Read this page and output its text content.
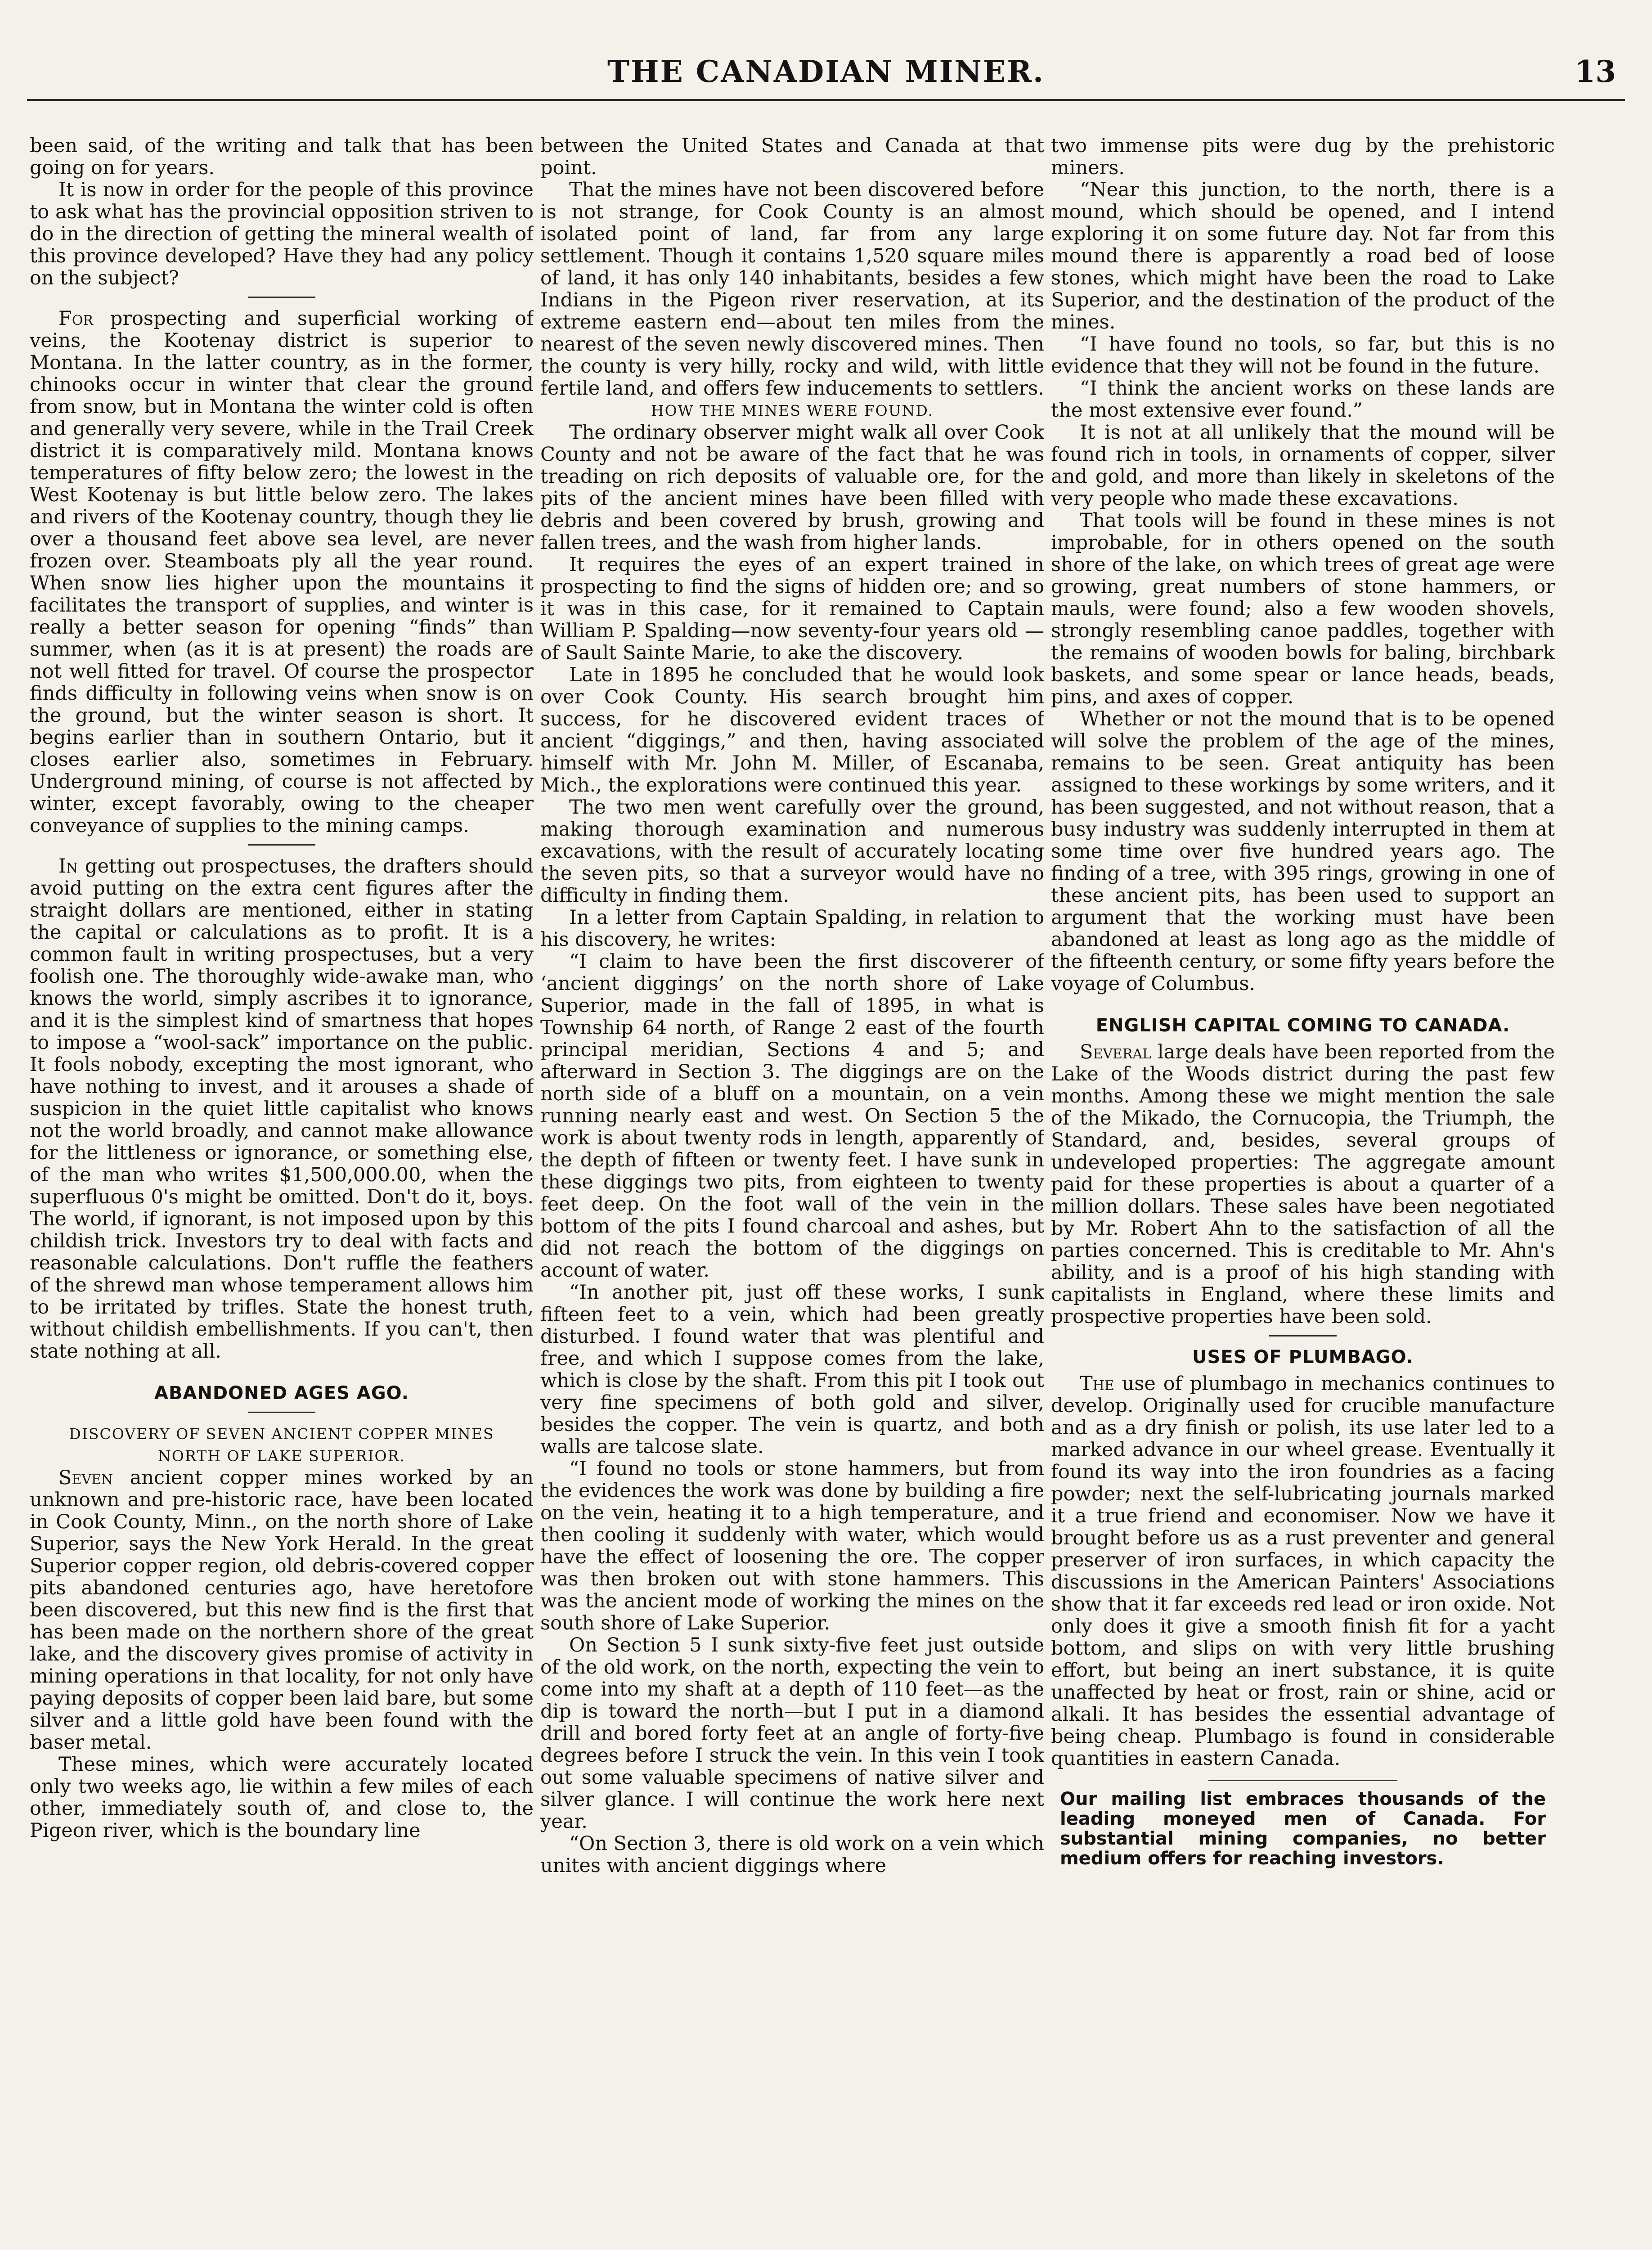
THE CANADIAN MINER.	13

been said, of the writing and talk that has been going on for years.

It is now in order for the people of this province to ask what has the provincial opposition striven to do in the direction of getting the mineral wealth of this province developed? Have they had any policy on the subject?

For prospecting and superficial working of veins, the Kootenay district is superior to Montana. In the latter country, as in the former, chinooks occur in winter that clear the ground from snow, but in Montana the winter cold is often and generally very severe, while in the Trail Creek district it is comparatively mild. Montana knows temperatures of fifty below zero; the lowest in the West Kootenay is but little below zero. The lakes and rivers of the Kootenay country, though they lie over a thousand feet above sea level, are never frozen over. Steamboats ply all the year round. When snow lies higher upon the mountains it facilitates the transport of supplies, and winter is really a better season for opening “finds” than summer, when (as it is at present) the roads are not well fitted for travel. Of course the prospector finds difficulty in following veins when snow is on the ground, but the winter season is short. It begins earlier than in southern Ontario, but it closes earlier also, sometimes in February. Underground mining, of course is not affected by winter, except favorably, owing to the cheaper conveyance of supplies to the mining camps.

In getting out prospectuses, the drafters should avoid putting on the extra cent figures after the straight dollars are mentioned, either in stating the capital or calculations as to profit. It is a common fault in writing prospectuses, but a very foolish one. The thoroughly wide-awake man, who knows the world, simply ascribes it to ignorance, and it is the simplest kind of smartness that hopes to impose a “wool-sack” importance on the public. It fools nobody, excepting the most ignorant, who have nothing to invest, and it arouses a shade of suspicion in the quiet little capitalist who knows not the world broadly, and cannot make allowance for the littleness or ignorance, or something else, of the man who writes $1,500,000.00, when the superfluous 0's might be omitted. Don't do it, boys. The world, if ignorant, is not imposed upon by this childish trick. Investors try to deal with facts and reasonable calculations. Don't ruffle the feathers of the shrewd man whose temperament allows him to be irritated by trifles. State the honest truth, without childish embellishments. If you can't, then state nothing at all.

ABANDONED AGES AGO.

DISCOVERY OF SEVEN ANCIENT COPPER MINES

NORTH OF LAKE SUPERIOR.

Seven ancient copper mines worked by an unknown and pre-historic race, have been located in Cook County, Minn., on the north shore of Lake Superior, says the New York Herald. In the great Superior copper region, old debris-covered copper pits abandoned centuries ago, have heretofore been discovered, but this new find is the first that has been made on the northern shore of the great lake, and the discovery gives promise of activity in mining operations in that locality, for not only have paying deposits of copper been laid bare, but some silver and a little gold have been found with the baser metal.

These mines, which were accurately located only two weeks ago, lie within a few miles of each other, immediately south of, and close to, the Pigeon river, which is the boundary line

between the United States and Canada at that point.

That the mines have not been discovered before is not strange, for Cook County is an almost isolated point of land, far from any large settlement. Though it contains 1,520 square miles of land, it has only 140 inhabitants, besides a few Indians in the Pigeon river reservation, at its extreme eastern end—about ten miles from the nearest of the seven newly discovered mines. Then the county is very hilly, rocky and wild, with little fertile land, and offers few inducements to settlers.

HOW THE MINES WERE FOUND.

The ordinary observer might walk all over Cook County and not be aware of the fact that he was treading on rich deposits of valuable ore, for the pits of the ancient mines have been filled with debris and been covered by brush, growing and fallen trees, and the wash from higher lands.

It requires the eyes of an expert trained in prospecting to find the signs of hidden ore; and so it was in this case, for it remained to Captain William P. Spalding—now seventy-four years old — of Sault Sainte Marie, to ake the discovery.

Late in 1895 he concluded that he would look over Cook County. His search brought him success, for he discovered evident traces of ancient “diggings,” and then, having associated himself with Mr. John M. Miller, of Escanaba, Mich., the explorations were continued this year.

The two men went carefully over the ground, making thorough examination and numerous excavations, with the result of accurately locating the seven pits, so that a surveyor would have no difficulty in finding them.

In a letter from Captain Spalding, in relation to his discovery, he writes:

“I claim to have been the first discoverer of ‘ancient diggings’ on the north shore of Lake Superior, made in the fall of 1895, in what is Township 64 north, of Range 2 east of the fourth principal meridian, Sections 4 and 5; and afterward in Section 3. The diggings are on the north side of a bluff on a mountain, on a vein running nearly east and west. On Section 5 the work is about twenty rods in length, apparently of the depth of fifteen or twenty feet. I have sunk in these diggings two pits, from eighteen to twenty feet deep. On the foot wall of the vein in the bottom of the pits I found charcoal and ashes, but did not reach the bottom of the diggings on account of water.

“In another pit, just off these works, I sunk fifteen feet to a vein, which had been greatly disturbed. I found water that was plentiful and free, and which I suppose comes from the lake, which is close by the shaft. From this pit I took out very fine specimens of both gold and silver, besides the copper. The vein is quartz, and both walls are talcose slate.

“I found no tools or stone hammers, but from the evidences the work was done by building a fire on the vein, heating it to a high temperature, and then cooling it suddenly with water, which would have the effect of loosening the ore. The copper was then broken out with stone hammers. This was the ancient mode of working the mines on the south shore of Lake Superior.

On Section 5 I sunk sixty-five feet just outside of the old work, on the north, expecting the vein to come into my shaft at a depth of 110 feet—as the dip is toward the north—but I put in a diamond drill and bored forty feet at an angle of forty-five degrees before I struck the vein. In this vein I took out some valuable specimens of native silver and silver glance. I will continue the work here next year.

“On Section 3, there is old work on a vein which unites with ancient diggings where

two immense pits were dug by the prehistoric miners.

“Near this junction, to the north, there is a mound, which should be opened, and I intend exploring it on some future day. Not far from this mound there is apparently a road bed of loose stones, which might have been the road to Lake Superior, and the destination of the product of the mines.

“I have found no tools, so far, but this is no evidence that they will not be found in the future.

“I think the ancient works on these lands are the most extensive ever found.”

It is not at all unlikely that the mound will be found rich in tools, in ornaments of copper, silver and gold, and more than likely in skeletons of the very people who made these excavations.

That tools will be found in these mines is not improbable, for in others opened on the south shore of the lake, on which trees of great age were growing, great numbers of stone hammers, or mauls, were found; also a few wooden shovels, strongly resembling canoe paddles, together with the remains of wooden bowls for baling, birchbark baskets, and some spear or lance heads, beads, pins, and axes of copper.

Whether or not the mound that is to be opened will solve the problem of the age of the mines, remains to be seen. Great antiquity has been assigned to these workings by some writers, and it has been suggested, and not without reason, that a busy industry was suddenly interrupted in them at some time over five hundred years ago. The finding of a tree, with 395 rings, growing in one of these ancient pits, has been used to support an argument that the working must have been abandoned at least as long ago as the middle of the fifteenth century, or some fifty years before the voyage of Columbus.

ENGLISH CAPITAL COMING TO CANADA.

Several large deals have been reported from the Lake of the Woods district during the past few months. Among these we might mention the sale of the Mikado, the Cornucopia, the Triumph, the Standard, and, besides, several groups of undeveloped properties: The aggregate amount paid for these properties is about a quarter of a million dollars. These sales have been negotiated by Mr. Robert Ahn to the satisfaction of all the parties concerned. This is creditable to Mr. Ahn's ability, and is a proof of his high standing with capitalists in England, where these limits and prospective properties have been sold.

USES OF PLUMBAGO.

The use of plumbago in mechanics continues to develop. Originally used for crucible manufacture and as a dry finish or polish, its use later led to a marked advance in our wheel grease. Eventually it found its way into the iron foundries as a facing powder; next the self-lubricating journals marked it a true friend and economiser. Now we have it brought before us as a rust preventer and general preserver of iron surfaces, in which capacity the discussions in the American Painters' Associations show that it far exceeds red lead or iron oxide. Not only does it give a smooth finish fit for a yacht bottom, and slips on with very little brushing effort, but being an inert substance, it is quite unaffected by heat or frost, rain or shine, acid or alkali. It has besides the essential advantage of being cheap. Plumbago is found in considerable quantities in eastern Canada.

Our mailing list embraces thousands of the leading moneyed men of Canada. For substantial mining companies, no better medium offers for reaching investors.
